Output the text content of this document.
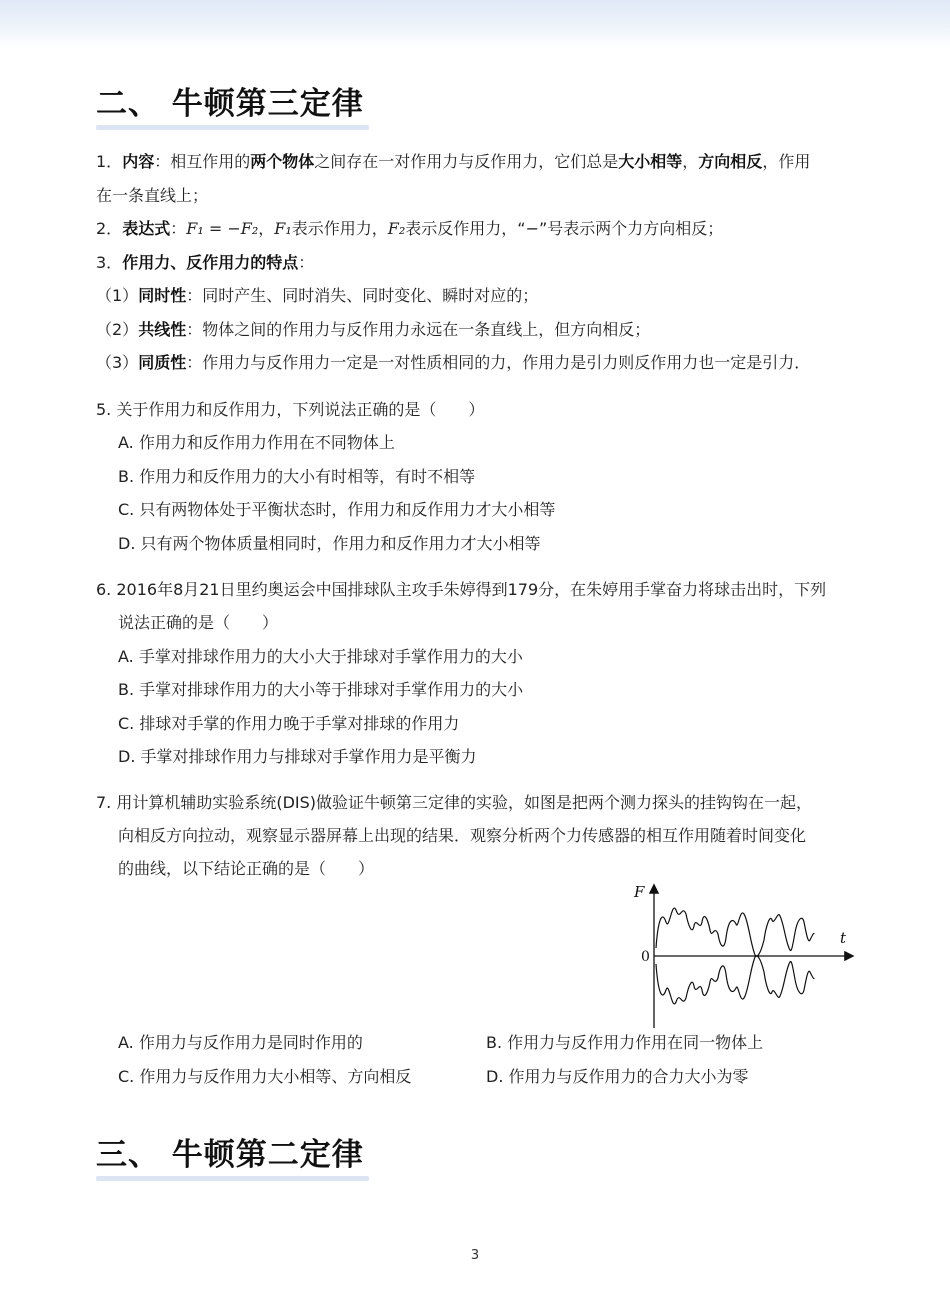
二、 牛顿第三定律
1．内容：相互作用的两个物体之间存在一对作用力与反作用力，它们总是大小相等，方向相反，作用
在一条直线上；
2．表达式：F₁ = −F₂，F₁表示作用力，F₂表示反作用力，“−”号表示两个力方向相反；
3．作用力、反作用力的特点：
（1）同时性：同时产生、同时消失、同时变化、瞬时对应的；
（2）共线性：物体之间的作用力与反作用力永远在一条直线上，但方向相反；
（3）同质性：作用力与反作用力一定是一对性质相同的力，作用力是引力则反作用力也一定是引力．
5. 关于作用力和反作用力，下列说法正确的是（　　）
A. 作用力和反作用力作用在不同物体上
B. 作用力和反作用力的大小有时相等，有时不相等
C. 只有两物体处于平衡状态时，作用力和反作用力才大小相等
D. 只有两个物体质量相同时，作用力和反作用力才大小相等
6. 2016年8月21日里约奥运会中国排球队主攻手朱婷得到179分，在朱婷用手掌奋力将球击出时，下列
说法正确的是（　　）
A. 手掌对排球作用力的大小大于排球对手掌作用力的大小
B. 手掌对排球作用力的大小等于排球对手掌作用力的大小
C. 排球对手掌的作用力晚于手掌对排球的作用力
D. 手掌对排球作用力与排球对手掌作用力是平衡力
7. 用计算机辅助实验系统(DIS)做验证牛顿第三定律的实验，如图是把两个测力探头的挂钩钩在一起，
向相反方向拉动，观察显示器屏幕上出现的结果．观察分析两个力传感器的相互作用随着时间变化
的曲线，以下结论正确的是（　　）
F
t
0
A. 作用力与反作用力是同时作用的	B. 作用力与反作用力作用在同一物体上
C. 作用力与反作用力大小相等、方向相反	D. 作用力与反作用力的合力大小为零
三、 牛顿第二定律
3
